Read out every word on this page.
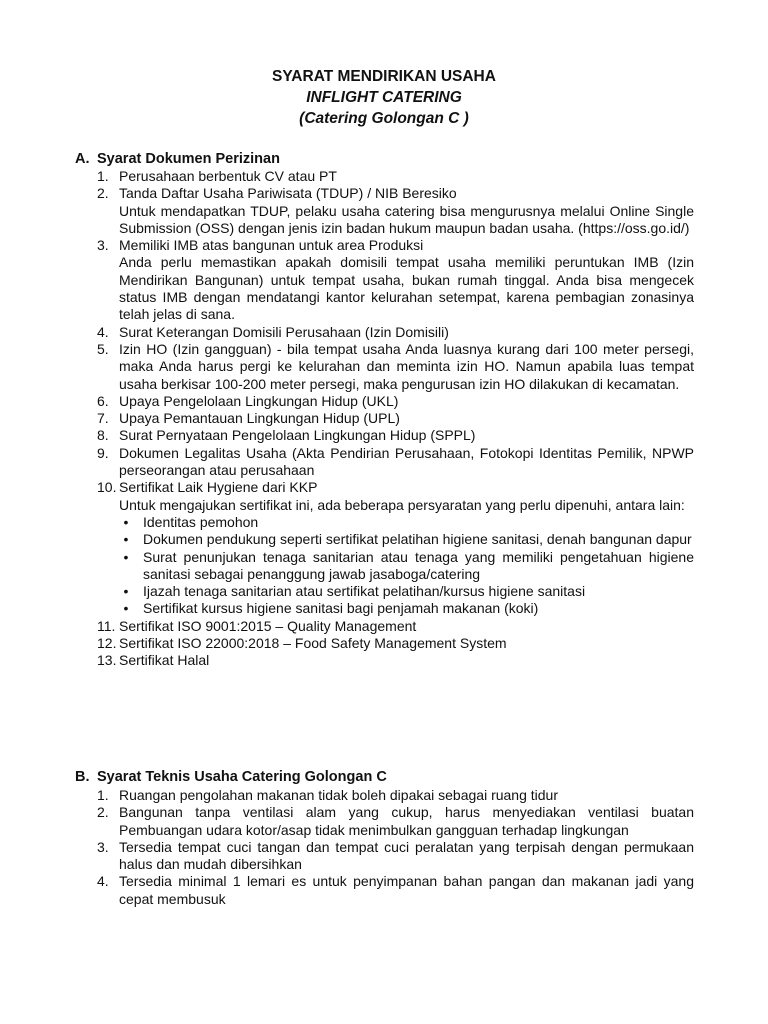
SYARAT MENDIRIKAN USAHA

INFLIGHT CATERING

(Catering Golongan C )

A. Syarat Dokumen Perizinan
1. Perusahaan berbentuk CV atau PT
2. Tanda Daftar Usaha Pariwisata (TDUP) / NIB Beresiko
Untuk mendapatkan TDUP, pelaku usaha catering bisa mengurusnya melalui Online Single Submission (OSS) dengan jenis izin badan hukum maupun badan usaha. (https://oss.go.id/)
3. Memiliki IMB atas bangunan untuk area Produksi
Anda perlu memastikan apakah domisili tempat usaha memiliki peruntukan IMB (Izin Mendirikan Bangunan) untuk tempat usaha, bukan rumah tinggal. Anda bisa mengecek status IMB dengan mendatangi kantor kelurahan setempat, karena pembagian zonasinya telah jelas di sana.
4. Surat Keterangan Domisili Perusahaan (Izin Domisili)
5. Izin HO (Izin gangguan) - bila tempat usaha Anda luasnya kurang dari 100 meter persegi, maka Anda harus pergi ke kelurahan dan meminta izin HO. Namun apabila luas tempat usaha berkisar 100-200 meter persegi, maka pengurusan izin HO dilakukan di kecamatan.
6. Upaya Pengelolaan Lingkungan Hidup (UKL)
7. Upaya Pemantauan Lingkungan Hidup (UPL)
8. Surat Pernyataan Pengelolaan Lingkungan Hidup (SPPL)
9. Dokumen Legalitas Usaha (Akta Pendirian Perusahaan, Fotokopi Identitas Pemilik, NPWP perseorangan atau perusahaan
10. Sertifikat Laik Hygiene dari KKP
Untuk mengajukan sertifikat ini, ada beberapa persyaratan yang perlu dipenuhi, antara lain:
•	Identitas pemohon
•	Dokumen pendukung seperti sertifikat pelatihan higiene sanitasi, denah bangunan dapur
•	Surat penunjukan tenaga sanitarian atau tenaga yang memiliki pengetahuan higiene sanitasi sebagai penanggung jawab jasaboga/catering
•	Ijazah tenaga sanitarian atau sertifikat pelatihan/kursus higiene sanitasi
•	Sertifikat kursus higiene sanitasi bagi penjamah makanan (koki)
11. Sertifikat ISO 9001:2015 – Quality Management
12. Sertifikat ISO 22000:2018 – Food Safety Management System
13. Sertifikat Halal
B. Syarat Teknis Usaha Catering Golongan C
1. Ruangan pengolahan makanan tidak boleh dipakai sebagai ruang tidur
2. Bangunan tanpa ventilasi alam yang cukup, harus menyediakan ventilasi buatan Pembuangan udara kotor/asap tidak menimbulkan gangguan terhadap lingkungan
3. Tersedia tempat cuci tangan dan tempat cuci peralatan yang terpisah dengan permukaan halus dan mudah dibersihkan
4. Tersedia minimal 1 lemari es untuk penyimpanan bahan pangan dan makanan jadi yang cepat membusuk
